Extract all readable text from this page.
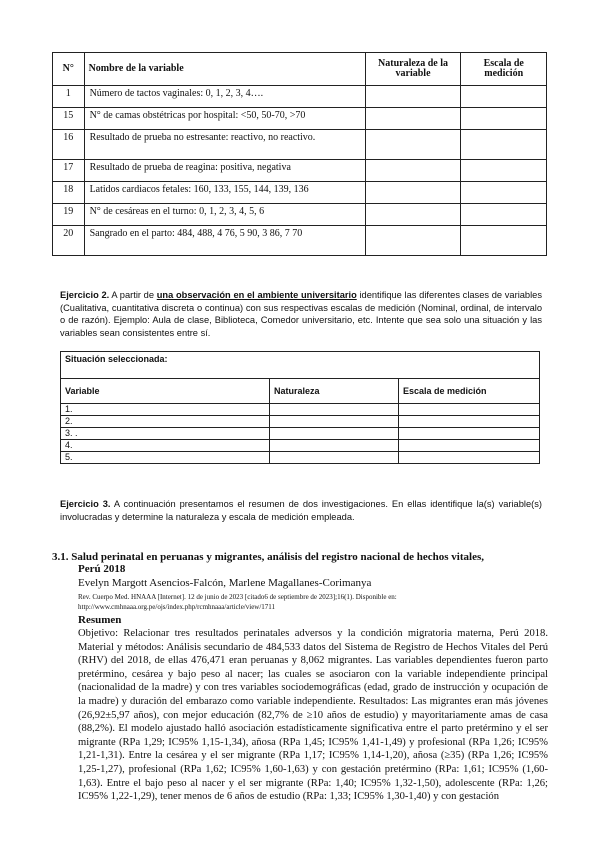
N°	Nombre de la variable	Naturaleza de la variable	Escala de medición
1	Número de tactos vaginales: 0, 1, 2, 3, 4….		
15	N° de camas obstétricas por hospital: <50, 50-70, >70		
16	Resultado de prueba no estresante: reactivo, no reactivo.		
17	Resultado de prueba de reagina: positiva, negativa		
18	Latidos cardiacos fetales: 160, 133, 155, 144, 139, 136		
19	N° de cesáreas en el turno: 0, 1, 2, 3, 4, 5, 6		
20	Sangrado en el parto: 484, 488, 4 76, 5 90, 3 86, 7 70		
Ejercicio 2. A partir de una observación en el ambiente universitario identifique las diferentes clases de variables (Cualitativa, cuantitativa discreta o continua) con sus respectivas escalas de medición (Nominal, ordinal, de intervalo o de razón). Ejemplo: Aula de clase, Biblioteca, Comedor universitario, etc. Intente que sea solo una situación y las variables sean consistentes entre sí.
Situación seleccionada:		
Variable	Naturaleza	Escala de medición
1.		
2.		
3. .		
4.		
5.		
Ejercicio 3. A continuación presentamos el resumen de dos investigaciones. En ellas identifique la(s) variable(s) involucradas y determine la naturaleza y escala de medición empleada.
3.1. Salud perinatal en peruanas y migrantes, análisis del registro nacional de hechos vitales,
Perú 2018
Evelyn Margott Asencios-Falcón, Marlene Magallanes-Corimanya
Rev. Cuerpo Med. HNAAA [Internet]. 12 de junio de 2023 [citado6 de septiembre de 2023];16(1). Disponible en: http://www.cmhnaaa.org.pe/ojs/index.php/rcmhnaaa/article/view/1711
Resumen
Objetivo: Relacionar tres resultados perinatales adversos y la condición migratoria materna, Perú 2018. Material y métodos: Análisis secundario de 484,533 datos del Sistema de Registro de Hechos Vitales del Perú (RHV) del 2018, de ellas 476,471 eran peruanas y 8,062 migrantes. Las variables dependientes fueron parto pretérmino, cesárea y bajo peso al nacer; las cuales se asociaron con la variable independiente principal (nacionalidad de la madre) y con tres variables sociodemográficas (edad, grado de instrucción y ocupación de la madre) y duración del embarazo como variable independiente. Resultados: Las migrantes eran más jóvenes (26,92±5,97 años), con mejor educación (82,7% de ≥10 años de estudio) y mayoritariamente amas de casa (88,2%). El modelo ajustado halló asociación estadísticamente significativa entre el parto pretérmino y el ser migrante (RPa 1,29; IC95% 1,15-1,34), añosa (RPa 1,45; IC95% 1,41-1,49) y profesional (RPa 1,26; IC95% 1,21-1,31). Entre la cesárea y el ser migrante (RPa 1,17; IC95% 1,14-1,20), añosa (≥35) (RPa 1,26; IC95% 1,25-1,27), profesional (RPa 1,62; IC95% 1,60-1,63) y con gestación pretérmino (RPa: 1,61; IC95% (1,60-1,63). Entre el bajo peso al nacer y el ser migrante (RPa: 1,40; IC95% 1,32-1,50), adolescente (RPa: 1,26; IC95% 1,22-1,29), tener menos de 6 años de estudio (RPa: 1,33; IC95% 1,30-1,40) y con gestación
